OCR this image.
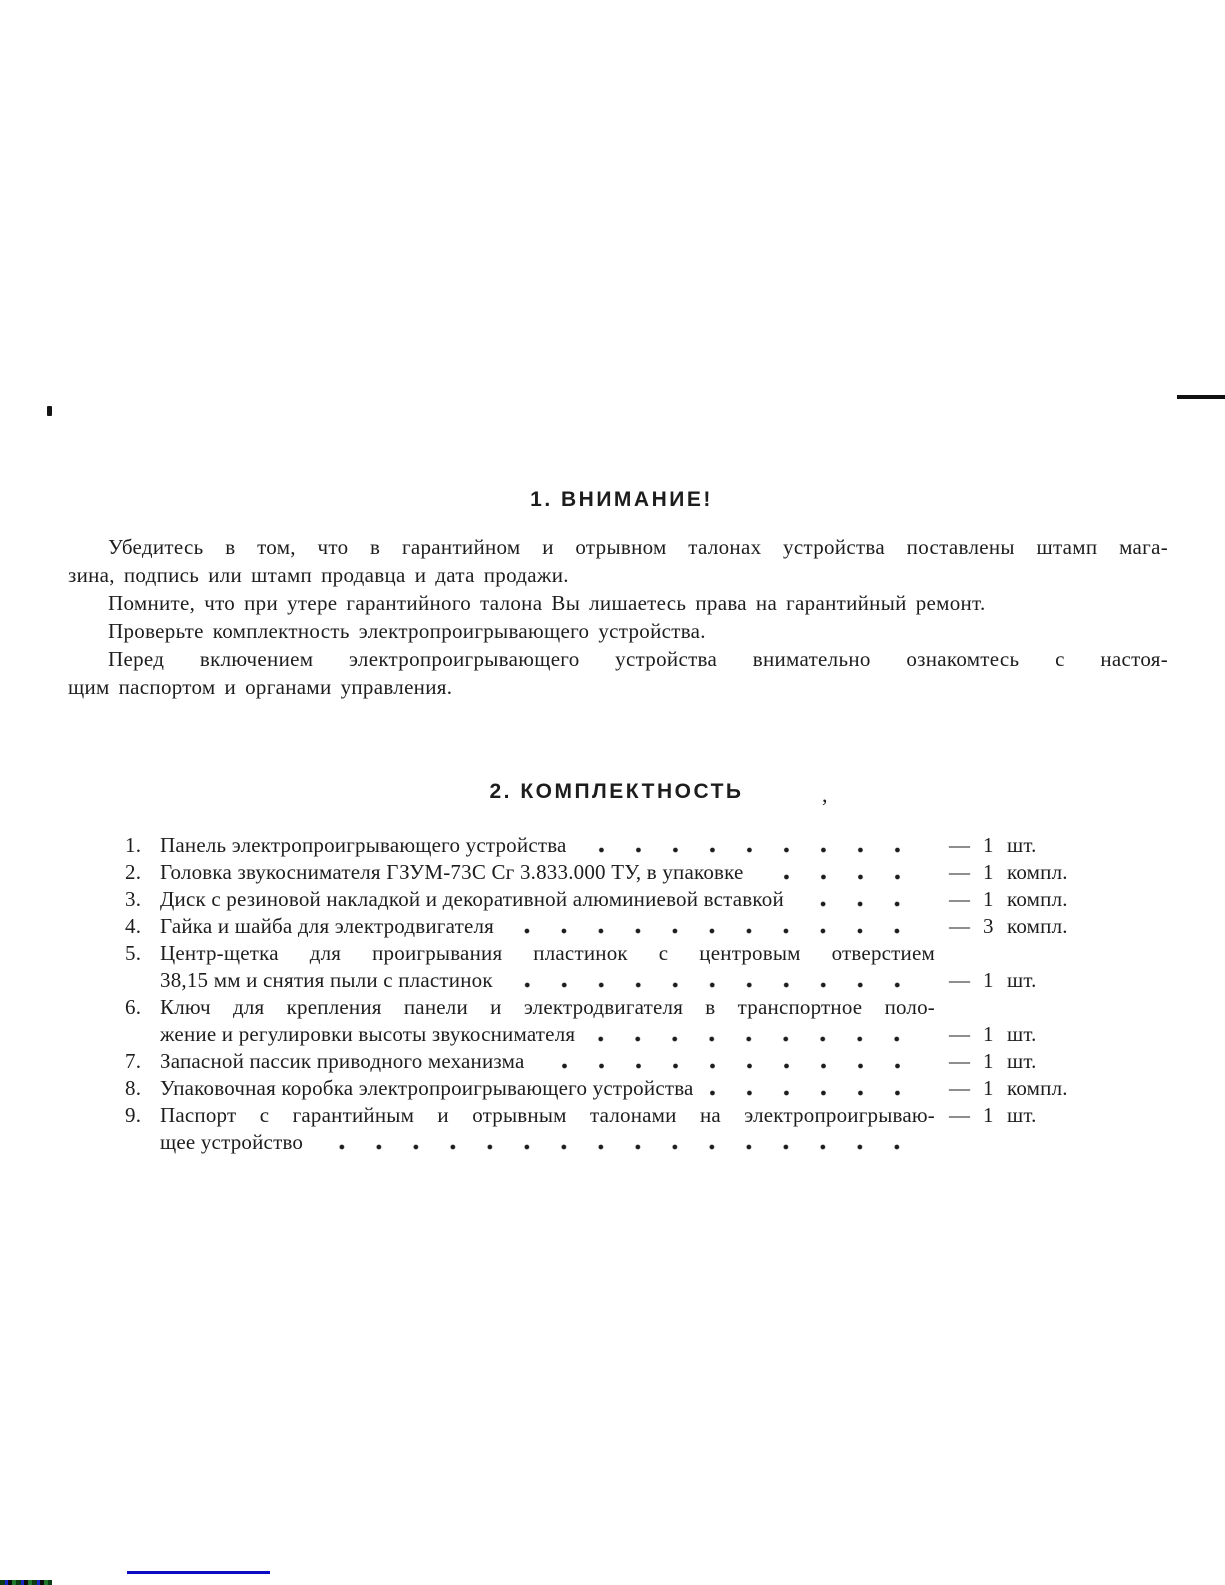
1. ВНИМАНИЕ!
Убедитесь в том, что в гарантийном и отрывном талонах устройства поставлены штамп мага-
зина, подпись или штамп продавца и дата продажи.
Помните, что при утере гарантийного талона Вы лишаетесь права на гарантийный ремонт.
Проверьте комплектность электропроигрывающего устройства.
Перед включением электропроигрывающего устройства внимательно ознакомтесь с настоя-
щим паспортом и органами управления.
2. КОМПЛЕКТНОСТЬ	,
1. Панель электропроигрывающего устройства	— 1 шт.
2. Головка звукоснимателя ГЗУМ-73С Сг 3.833.000 ТУ, в упаковке	— 1 компл.
3. Диск с резиновой накладкой и декоративной алюминиевой вставкой	— 1 компл.
4. Гайка и шайба для электродвигателя	— 3 компл.
5. Центр-щетка для проигрывания пластинок с центровым отверстием
38,15 мм и снятия пыли с пластинок	— 1 шт.
6. Ключ для крепления панели и электродвигателя в транспортное поло-
жение и регулировки высоты звукоснимателя	— 1 шт.
7. Запасной пассик приводного механизма	— 1 шт.
8. Упаковочная коробка электропроигрывающего устройства	— 1 компл.
9. Паспорт с гарантийным и отрывным талонами на электропроигрываю- — 1 шт.
щее устройство
